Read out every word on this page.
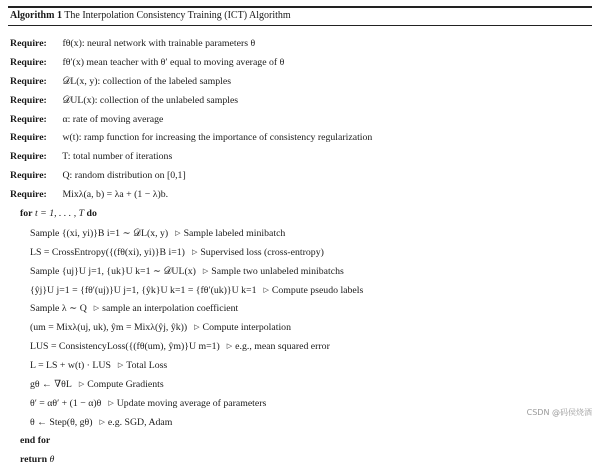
Algorithm 1 The Interpolation Consistency Training (ICT) Algorithm
Require: fθ(x): neural network with trainable parameters θ
Require: fθ′(x) mean teacher with θ′ equal to moving average of θ
Require: 𝒟L(x, y): collection of the labeled samples
Require: 𝒟UL(x): collection of the unlabeled samples
Require: α: rate of moving average
Require: w(t): ramp function for increasing the importance of consistency regularization
Require: T: total number of iterations
Require: Q: random distribution on [0,1]
Require: Mixλ(a, b) = λa + (1 − λ)b.
for t = 1, . . . , T do
Sample {(xi, yi)}B i=1 ∼ 𝒟L(x, y) ▷ Sample labeled minibatch
LS = CrossEntropy({(fθ(xi), yi)}B i=1) ▷ Supervised loss (cross-entropy)
Sample {uj}U j=1, {uk}U k=1 ∼ 𝒟UL(x) ▷ Sample two unlabeled minibatchs
{ŷj}U j=1 = {fθ′(uj)}U j=1, {ŷk}U k=1 = {fθ′(uk)}U k=1 ▷ Compute pseudo labels
Sample λ ∼ Q ▷ sample an interpolation coefficient
(um = Mixλ(uj, uk), ŷm = Mixλ(ŷj, ŷk)) ▷ Compute interpolation
LUS = ConsistencyLoss({(fθ(um), ŷm)}U m=1) ▷ e.g., mean squared error
L = LS + w(t) · LUS ▷ Total Loss
gθ ← ∇θL ▷ Compute Gradients
θ′ = αθ′ + (1 − α)θ ▷ Update moving average of parameters
θ ← Step(θ, gθ) ▷ e.g. SGD, Adam
end for
return θ
CSDN @码侯烧酒
